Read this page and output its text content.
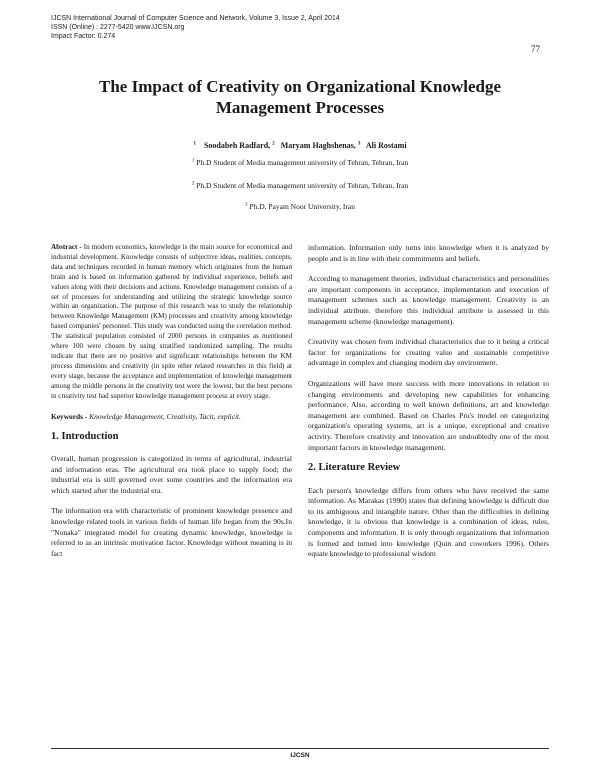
IJCSN International Journal of Computer Science and Network, Volume 3, Issue 2, April 2014
ISSN (Online) : 2277-5420 www.IJCSN.org
Impact Factor: 0.274
77
The Impact of Creativity on Organizational Knowledge
Management Processes
$^1$ Soodabeh Radfard, $^2$ Maryam Haghshenas, $^3$ Ali Rostami
$^1$ Ph.D Student of Media management university of Tehran, Tehran, Iran
$^2$ Ph.D Student of Media management university of Tehran, Tehran, Iran
$^3$ Ph.D, Payam Noor University, Iran

Abstract - In modern economics, knowledge is the main source for economical and industrial development. Knowledge consists of subjective ideas, realities, concepts, data and techniques recorded in human memory which originates from the human brain and is based on information gathered by individual experience, beliefs and values along with their decisions and actions. Knowledge management consists of a set of processes for understanding and utilizing the strategic knowledge source within an organization. The purpose of this research was to study the relationship between Knowledge Management (KM) processes and creativity among knowledge based companies' personnel. This study was conducted using the correlation method. The statistical population consisted of 2000 persons in companies as mentioned where 100 were chosen by using stratified randomized sampling. The results indicate that there are no positive and significant relationships between the KM process dimensions and creativity (in spite other related researches in this field) at every stage, because the acceptance and implementation of knowledge management among the middle persons in the creativity test were the lowest, but the best persons in creativity test had superior knowledge management process at every stage.

Keywords - Knowledge Management, Creativity, Tacit, explicit.

1. Introduction

Overall, human progression is categorized in terms of agricultural, industrial and information eras. The agricultural era took place to supply food; the industrial era is still governed over some countries and the information era which started after the industrial era.

The information era with characteristic of prominent knowledge presence and knowledge related tools in various fields of human life began from the 90s.In "Nonaka" integrated model for creating dynamic knowledge, knowledge is referred to as an intrinsic motivation factor. Knowledge without meaning is in fact

information. Information only turns into knowledge when it is analyzed by people and is in line with their commitments and beliefs.

According to management theories, individual characteristics and personalities are important components in acceptance, implementation and execution of management schemes such as knowledge management. Creativity is an individual attribute. therefore this individual attribute is assessed in this management scheme (knowledge management).

Creativity was chosen from individual characteristics due to it being a critical factor for organizations for creating value and sustainable competitive advantage in complex and changing modern day environment.

Organizations will have more success with more innovations in relation to changing environments and developing new capabilities for enhancing performance. Also, according to well known definitions, art and knowledge management are combined. Based on Charles Pru's model on categorizing organization's operating systems, art is a unique, exceptional and creative activity. Therefore creativity and innovation are undoubtedly one of the most important factors in knowledge management.

2. Literature Review

Each person's knowledge differs from others who have received the same information. As Marakas (1990) states that defining knowledge is difficult due to its ambiguous and intangible nature. Other than the difficulties in defining knowledge, it is obvious that knowledge is a combination of ideas, rules, components and information. It is only through organizations that information is formed and turned into knowledge (Quin and coworkers 1996). Others equate knowledge to professional wisdom

IJCSN
